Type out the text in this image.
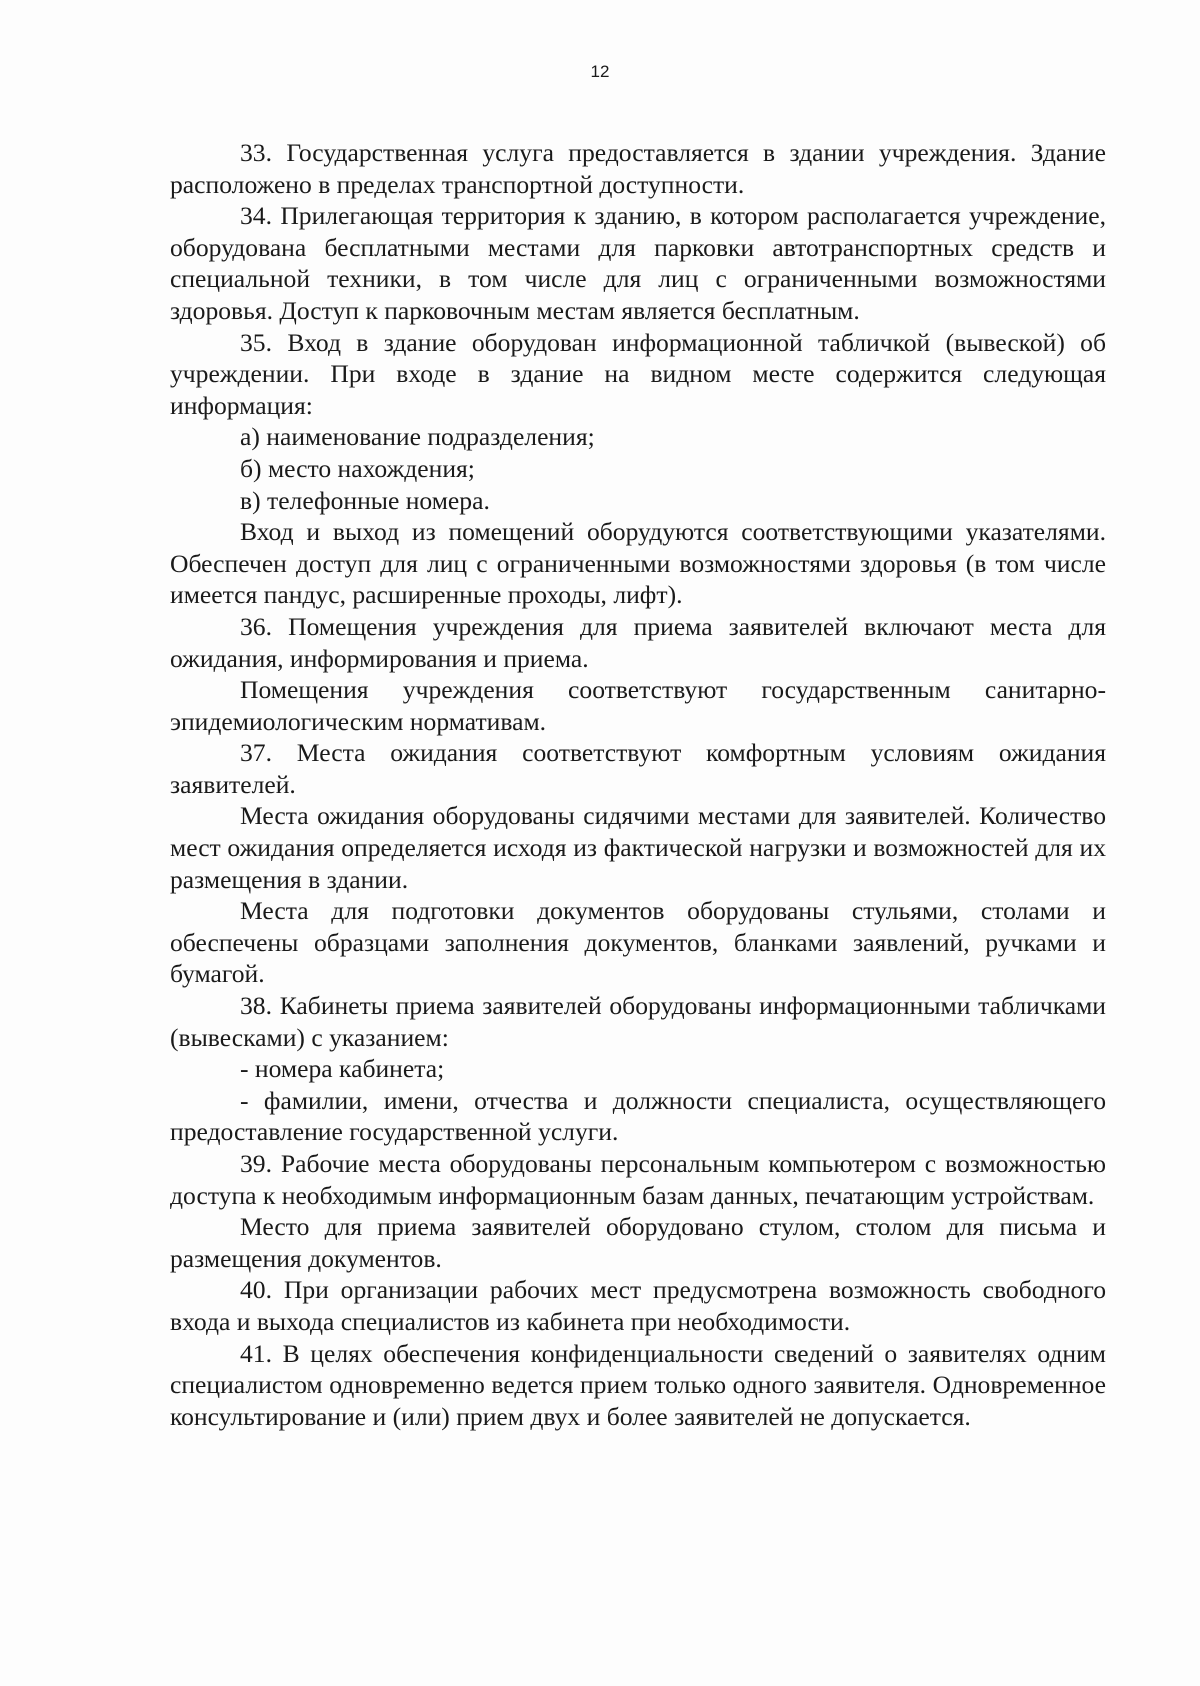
12

33. Государственная услуга предоставляется в здании учреждения. Здание расположено в пределах транспортной доступности.

34. Прилегающая территория к зданию, в котором располагается учреждение, оборудована бесплатными местами для парковки автотранспортных средств и специальной техники, в том числе для лиц с ограниченными возможностями здоровья. Доступ к парковочным местам является бесплатным.

35. Вход в здание оборудован информационной табличкой (вывеской) об учреждении. При входе в здание на видном месте содержится следующая информация:

а) наименование подразделения;

б) место нахождения;

в) телефонные номера.

Вход и выход из помещений оборудуются соответствующими указателями. Обеспечен доступ для лиц с ограниченными возможностями здоровья (в том числе имеется пандус, расширенные проходы, лифт).

36. Помещения учреждения для приема заявителей включают места для ожидания, информирования и приема.

Помещения учреждения соответствуют государственным санитарно-эпидемиологическим нормативам.

37. Места ожидания соответствуют комфортным условиям ожидания заявителей.

Места ожидания оборудованы сидячими местами для заявителей. Количество мест ожидания определяется исходя из фактической нагрузки и возможностей для их размещения в здании.

Места для подготовки документов оборудованы стульями, столами и обеспечены образцами заполнения документов, бланками заявлений, ручками и бумагой.

38. Кабинеты приема заявителей оборудованы информационными табличками (вывесками) с указанием:

- номера кабинета;

- фамилии, имени, отчества и должности специалиста, осуществляющего предоставление государственной услуги.

39. Рабочие места оборудованы персональным компьютером с возможностью доступа к необходимым информационным базам данных, печатающим устройствам.

Место для приема заявителей оборудовано стулом, столом для письма и размещения документов.

40. При организации рабочих мест предусмотрена возможность свободного входа и выхода специалистов из кабинета при необходимости.

41. В целях обеспечения конфиденциальности сведений о заявителях одним специалистом одновременно ведется прием только одного заявителя. Одновременное консультирование и (или) прием двух и более заявителей не допускается.
